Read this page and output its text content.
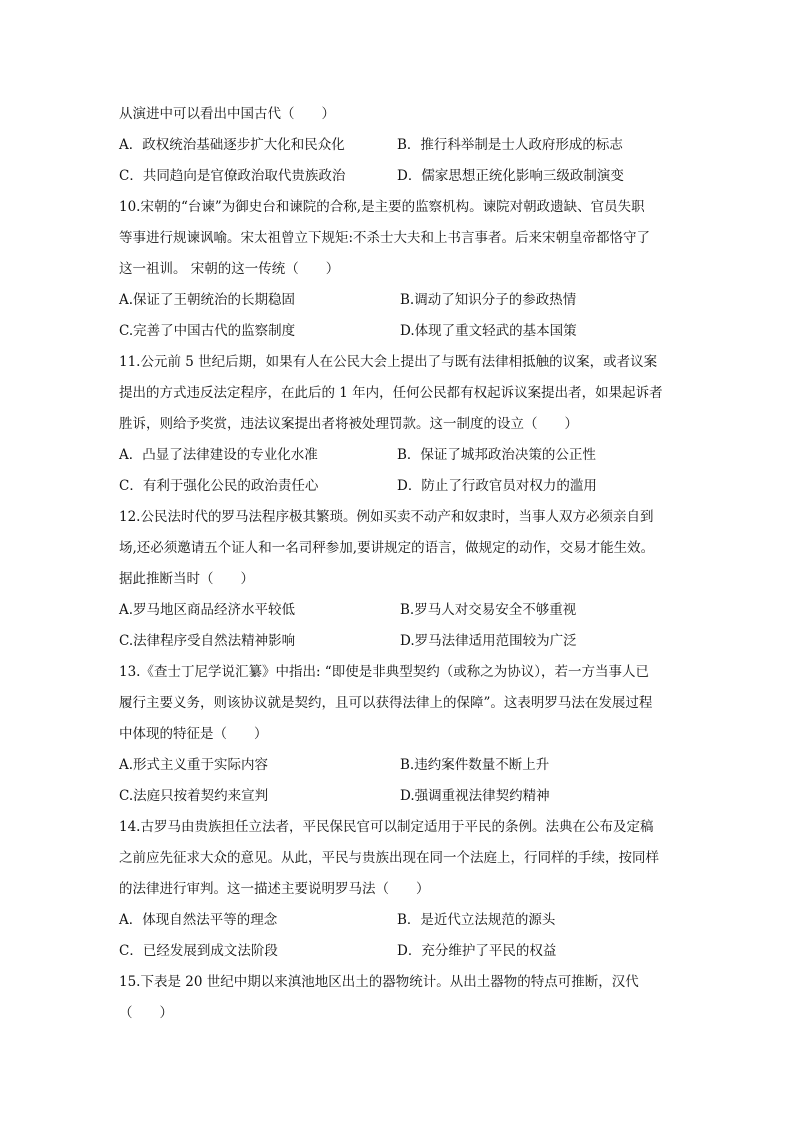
从演进中可以看出中国古代（　　）
A．政权统治基础逐步扩大化和民众化	B．推行科举制是士人政府形成的标志
C．共同趋向是官僚政治取代贵族政治	D．儒家思想正统化影响三级政制演变
10.宋朝的“台谏”为御史台和谏院的合称,是主要的监察机构。谏院对朝政遗缺、官员失职
等事进行规谏讽喻。宋太祖曾立下规矩:不杀士大夫和上书言事者。后来宋朝皇帝都恪守了
这一祖训。 宋朝的这一传统（　　）
A.保证了王朝统治的长期稳固	B.调动了知识分子的参政热情
C.完善了中国古代的监察制度	D.体现了重文轻武的基本国策
11.公元前 5 世纪后期，如果有人在公民大会上提出了与既有法律相抵触的议案，或者议案
提出的方式违反法定程序，在此后的 1 年内，任何公民都有权起诉议案提出者，如果起诉者
胜诉，则给予奖赏，违法议案提出者将被处理罚款。这一制度的设立（　　）
A．凸显了法律建设的专业化水准	B．保证了城邦政治决策的公正性
C．有利于强化公民的政治责任心	D．防止了行政官员对权力的滥用
12.公民法时代的罗马法程序极其繁琐。例如买卖不动产和奴隶时，当事人双方必须亲自到
场,还必须邀请五个证人和一名司秤参加,要讲规定的语言，做规定的动作，交易才能生效。
据此推断当时（　　）
A.罗马地区商品经济水平较低	B.罗马人对交易安全不够重视
C.法律程序受自然法精神影响	D.罗马法律适用范围较为广泛
13.《查士丁尼学说汇纂》中指出: “即使是非典型契约（或称之为协议），若一方当事人已
履行主要义务，则该协议就是契约，且可以获得法律上的保障”。这表明罗马法在发展过程
中体现的特征是（　　）
A.形式主义重于实际内容	B.违约案件数量不断上升
C.法庭只按着契约来宣判	D.强调重视法律契约精神
14.古罗马由贵族担任立法者，平民保民官可以制定适用于平民的条例。法典在公布及定稿
之前应先征求大众的意见。从此，平民与贵族出现在同一个法庭上，行同样的手续，按同样
的法律进行审判。这一描述主要说明罗马法（　　）
A．体现自然法平等的理念	B．是近代立法规范的源头
C．已经发展到成文法阶段	D．充分维护了平民的权益
15.下表是 20 世纪中期以来滇池地区出土的器物统计。从出土器物的特点可推断，汉代
（　　）
